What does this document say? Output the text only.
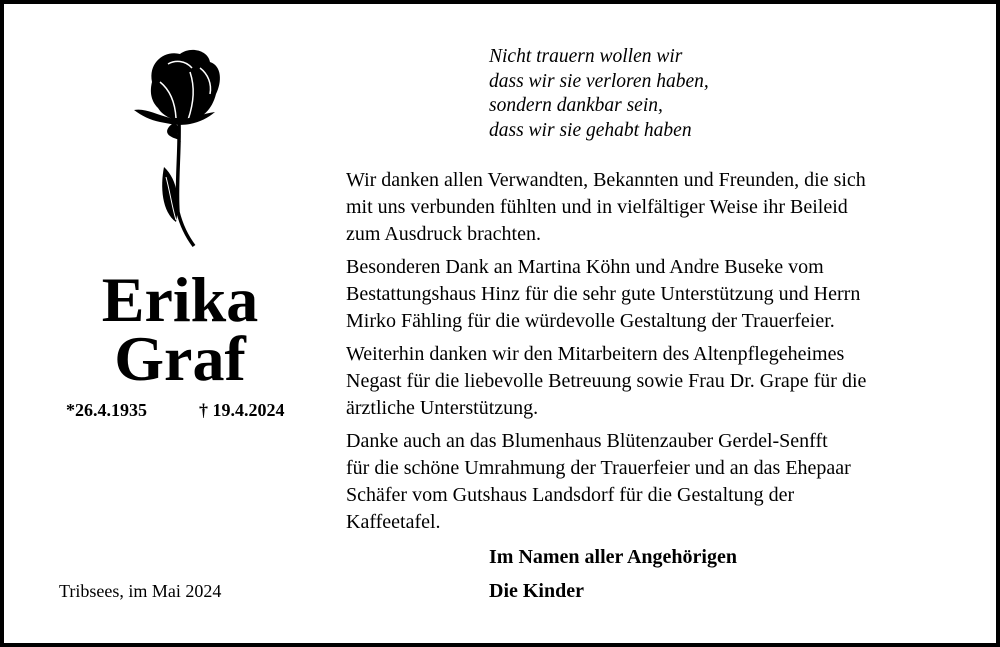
Erika
Graf
*26.4.1935	† 19.4.2024
Nicht trauern wollen wir
dass wir sie verloren haben,
sondern dankbar sein,
dass wir sie gehabt haben

Wir danken allen Verwandten, Bekannten und Freunden, die sich
mit uns verbunden fühlten und in vielfältiger Weise ihr Beileid
zum Ausdruck brachten.

Besonderen Dank an Martina Köhn und Andre Buseke vom
Bestattungshaus Hinz für die sehr gute Unterstützung und Herrn
Mirko Fähling für die würdevolle Gestaltung der Trauerfeier.

Weiterhin danken wir den Mitarbeitern des Altenpflegeheimes
Negast für die liebevolle Betreuung sowie Frau Dr. Grape für die
ärztliche Unterstützung.

Danke auch an das Blumenhaus Blütenzauber Gerdel-Senfft
für die schöne Umrahmung der Trauerfeier und an das Ehepaar
Schäfer vom Gutshaus Landsdorf für die Gestaltung der
Kaffeetafel.

Im Namen aller Angehörigen
Die Kinder
Tribsees, im Mai 2024
